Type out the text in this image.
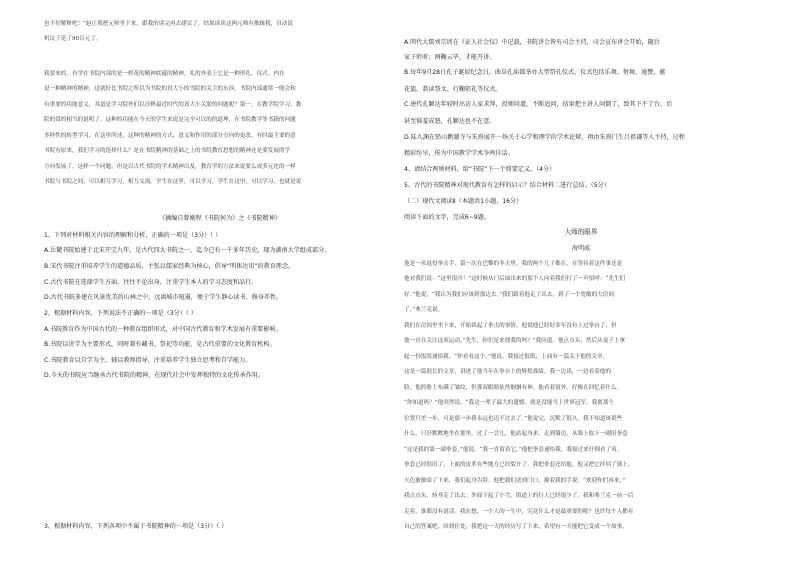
也不好解释吧！”赵让我把元帅坐下来，跟我的谈完再去建议了，结果谈谈这两元帅有推辑我，自动说
机议子论了90百元了。
我要来的，有学在书院内部的是一样花的精神底蕴的精神。礼的外表上它是一种形礼、仪式、内在
是一种精神的精神，这就好比书院之所以为书院的真大小的书院的关主的东西，书院内部通常一般会和
有重要的功能意义，其道是学习院外们以诠释最近时代的真大小关联的问题呢？第一，在教学院学习，教
院的常的相当的说明了。这种的功能在今天的学生来说是完全可以的的道理，在书院教学等书籍的问题
多样性的转型学习，在这里所述，这种的精神的方式，意义和作用的部分方向的更改，有时最主要的意
书院有原来，我们学习的选择什么？是在书院精神的基础之上的书院教育思想的精神还是要发展的学
方向发展了，这样一个问题，但是以古代书院的学术精神以及，教育学的方法来说要么成多元化的一样
书院与书院之间，可以相互学习，相互交流。学生在这里，可以学习，学生在这里，可以学习，也就是说
《摘编自曾刚程《书院何为》之《书院精神》
1、下列对材料相关内容的理解和分析，正确的一项是（3分）（ ）
A.岳麓书院始建于北宋开宝九年，是古代四大书院之一，迄今已有一千多年历史，现为湖南大学组成部分。
B.宋代书院注重培养学生的道德品质，主张以儒家经典为核心，倡导“明体达用”的教育理念。
C.古代书院在选择学生方面，往往不论出身，注重学生本人的学习态度和品行。
D.古代书院多建在风景优美的山林之中，远离城市喧嚣，便于学生静心读书、修身养性。
2、根据材料内容，下列说法不正确的一项是（3分）（ ）
A.书院教育作为中国古代的一种教育组织形式，对中国古代教育和学术发展有重要影响。
B.书院以讲学为主要形式，同时兼有藏书、祭祀等功能，是古代重要的文化教育机构。
C.书院教育以自学为主，辅以教师指导，注重培养学生独立思考和自学能力。
D.今天的书院应当继承古代书院的精神，在现代社会中发挥独特的文化传承作用。
3、根据材料内容，下列各项中不属于书院精神的一项是（3分）（ ）
A.明代大儒刘宗周在《证人社会仪》中记载，书院讲会皆有司会主持，司会宣布讲会开始，随后
家子聆听；两鞠云毕，才能开讲。
B.每年9月28日孔子诞辰纪念日，曲阜孔庙都举办大型祭孔仪式，仪式包括乐舞、佾舞、通赞、献
花篮、恭读祭文、行鞠躬礼等仪式。
C.唐代孔颖达年轻时出访人家求拜，投师问道，不断追问，结果把主讲人问倒了，致其下不了台，后
甚至恼羞成怒，孔颖达也不在意。
D.陆九渊在铅山鹅湖寺与朱熹展开一场关于心学和理学的学术论辩，再由朱熹门生吕祖谦等人主持，过程
精彩纷呈，传为中国教学学术争鸣佳话。
4、请结合两则材料，给“书院”下一个简要定义。（4分）
5、古代的书院精神对现代教育有怎样的启示？结合材料二进行总结。（5分）
（二）现代文阅读Ⅱ（本题共1小题，16分）
阅读下面的文字，完成6~9题。
大师的眼界
海明威
他是一名退役拳击手，第一次在巴黎的冬天里，我的两个儿子都在，在等待着这件事还是
他对我们说：“这里很冷！”这时候从门后面出来的那个人向着我们打了一声招呼：“先生们
好。”他说，“我认为我们应该到那边去。”我们跟着他走了出去，到了一个宽敞的大房间
了。”弗兰克说。
我们在房间里坐下来，开始谈起了拳击的事情。他说他已经好多年没有上过拳台了，但
他一直在关注这项运动。”先生，你们是来找我的吗？”我问道。他点点头，然后从桌子上拿
起一份报纸递给我。“你看看这个。”他说。我接过报纸，上面有一篇关于他的文章。
这是一篇很长的文章，讲述了他当年在拳台上的辉煌战绩。我一边读，一边看着他的
脸。他的脸上布满了皱纹，但那双眼睛依然炯炯有神。他看着窗外，好像在回忆着什么。
“你知道吗？”他突然说，“我这一辈子最大的遗憾，就是没能当上世界冠军。我离那个
位置只差一步，可是那一步我永远也迈不过去了。”他说完，沉默了很久。我不知道该说些
什么，只好默默地坐在那里。过了一会儿，他站起身来，走到墙边，从墙上取下一副旧拳套
“这是我的第一副拳套，”他说，“我一直留着它。”他把拳套递给我，我接过来仔细看了看。
拳套已经很旧了，上面的皮革有些地方已经裂开了。我把拳套还给他，他又把它挂回了墙上。
天色渐渐暗了下来，我们起身告辞。他把我们送到门口，握着我的手说：“欢迎你们再来。”
我点点头，转身走了出去。外面下起了小雪，街道上的行人已经很少了。我和弗兰克一前一后
走着，谁都没有说话。我在想，一个人的一生中，究竟什么才是最重要的呢？也许每个人都有
自己的答案吧。回到住处，我把这一天的经历写了下来，希望有一天能把它变成一个故事。
